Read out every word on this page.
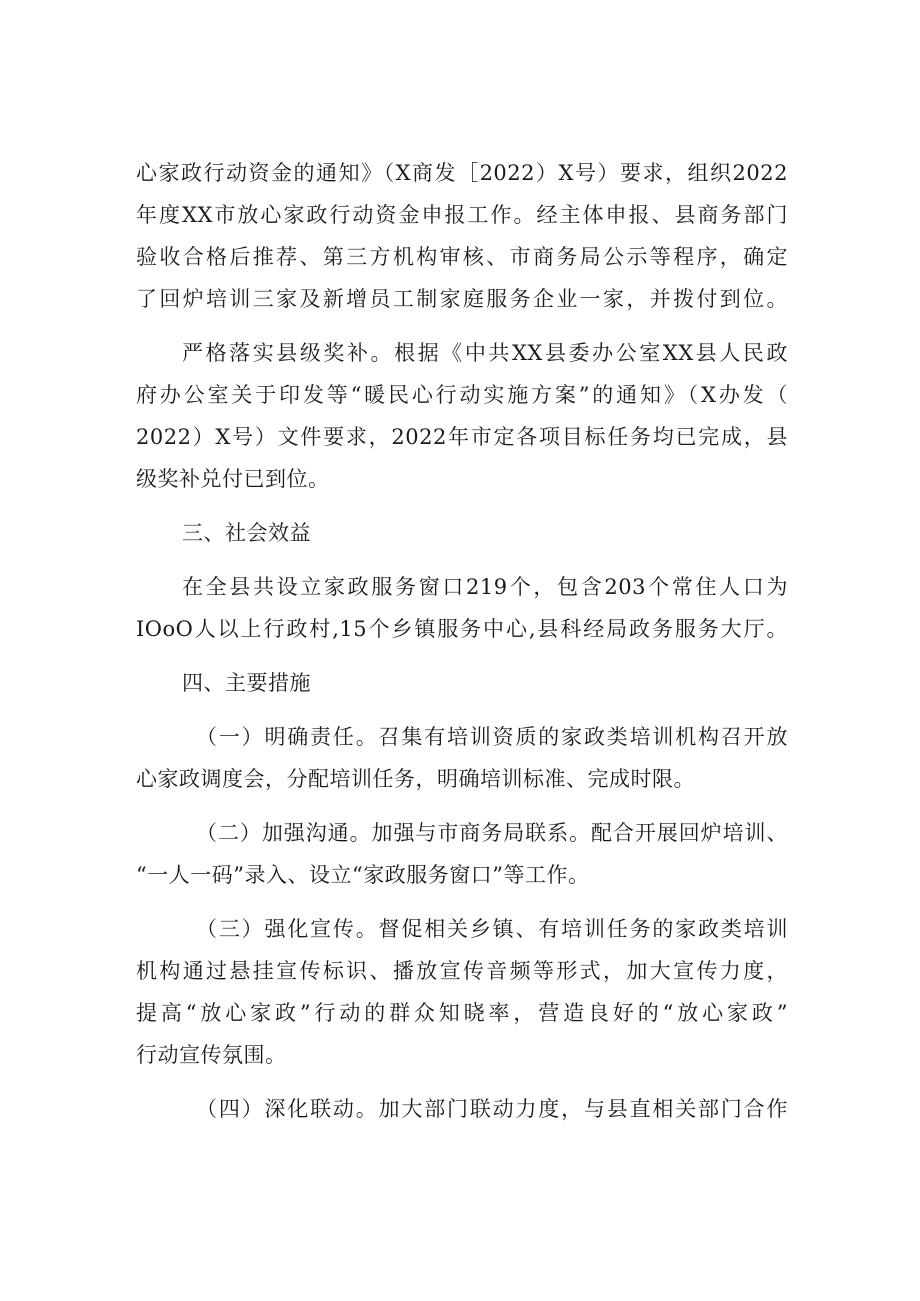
心家政行动资金的通知》（X商发［2022）X号）要求，组织2022
年度XX市放心家政行动资金申报工作。经主体申报、县商务部门
验收合格后推荐、第三方机构审核、市商务局公示等程序，确定
了回炉培训三家及新增员工制家庭服务企业一家，并拨付到位。
严格落实县级奖补。根据《中共XX县委办公室XX县人民政
府办公室关于印发等“暖民心行动实施方案”的通知》（X办发（
2022）X号）文件要求，2022年市定各项目标任务均已完成，县
级奖补兑付已到位。
三、社会效益
在全县共设立家政服务窗口219个，包含203个常住人口为
IOoO人以上行政村,15个乡镇服务中心,县科经局政务服务大厅。
四、主要措施
（一）明确责任。召集有培训资质的家政类培训机构召开放
心家政调度会，分配培训任务，明确培训标准、完成时限。
（二）加强沟通。加强与市商务局联系。配合开展回炉培训、
“一人一码”录入、设立“家政服务窗口”等工作。
（三）强化宣传。督促相关乡镇、有培训任务的家政类培训
机构通过悬挂宣传标识、播放宣传音频等形式，加大宣传力度，
提高“放心家政”行动的群众知晓率，营造良好的“放心家政”
行动宣传氛围。
（四）深化联动。加大部门联动力度，与县直相关部门合作
